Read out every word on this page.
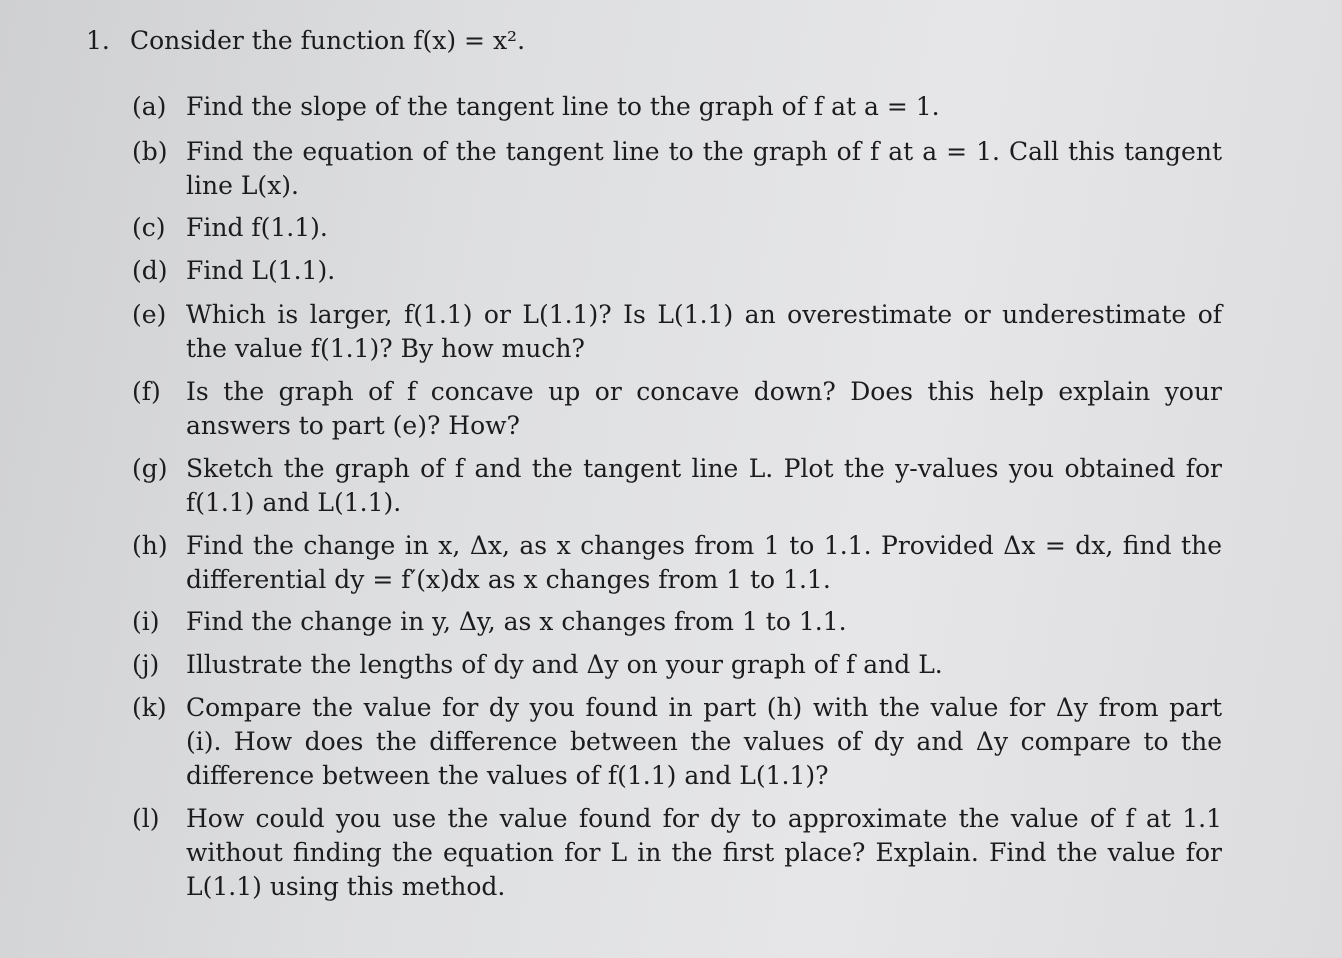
1. Consider the function f(x) = x².
(a) Find the slope of the tangent line to the graph of f at a = 1.
(b) Find the equation of the tangent line to the graph of f at a = 1. Call this tangent line L(x).
(c) Find f(1.1).
(d) Find L(1.1).
(e) Which is larger, f(1.1) or L(1.1)? Is L(1.1) an overestimate or underestimate of the value f(1.1)? By how much?
(f)	Is the graph of f concave up or concave down? Does this help explain your answers to part (e)? How?
(g) Sketch the graph of f and the tangent line L. Plot the y-values you obtained for f(1.1) and L(1.1).
(h) Find the change in x, Δx, as x changes from 1 to 1.1. Provided Δx = dx, find the differential dy = f′(x)dx as x changes from 1 to 1.1.
(i)	Find the change in y, Δy, as x changes from 1 to 1.1.
(j)	Illustrate the lengths of dy and Δy on your graph of f and L.
(k) Compare the value for dy you found in part (h) with the value for Δy from part (i). How does the difference between the values of dy and Δy compare to the difference between the values of f(1.1) and L(1.1)?
(l)	How could you use the value found for dy to approximate the value of f at 1.1 without finding the equation for L in the first place? Explain. Find the value for L(1.1) using this method.
